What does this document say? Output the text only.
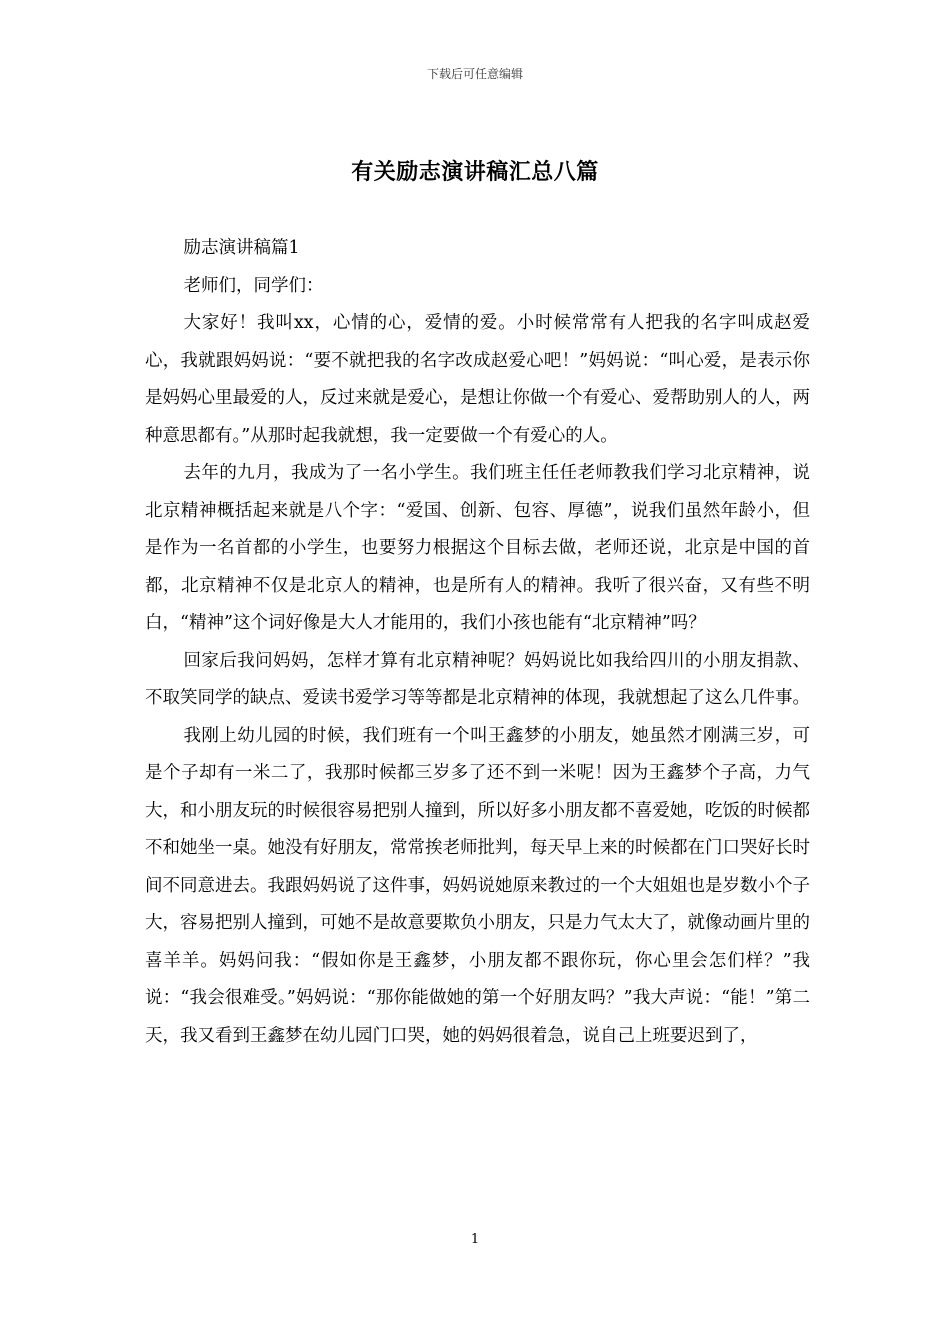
下载后可任意编辑
有关励志演讲稿汇总八篇

励志演讲稿篇1

老师们，同学们：

大家好！我叫xx，心情的心，爱情的爱。小时候常常有人把我的名字叫成赵爱心，我就跟妈妈说：“要不就把我的名字改成赵爱心吧！”妈妈说：“叫心爱，是表示你是妈妈心里最爱的人，反过来就是爱心，是想让你做一个有爱心、爱帮助别人的人，两种意思都有。”从那时起我就想，我一定要做一个有爱心的人。

去年的九月，我成为了一名小学生。我们班主任任老师教我们学习北京精神，说北京精神概括起来就是八个字：“爱国、创新、包容、厚德”，说我们虽然年龄小，但是作为一名首都的小学生，也要努力根据这个目标去做，老师还说，北京是中国的首都，北京精神不仅是北京人的精神，也是所有人的精神。我听了很兴奋，又有些不明白，“精神”这个词好像是大人才能用的，我们小孩也能有“北京精神”吗？

回家后我问妈妈，怎样才算有北京精神呢？妈妈说比如我给四川的小朋友捐款、不取笑同学的缺点、爱读书爱学习等等都是北京精神的体现，我就想起了这么几件事。

我刚上幼儿园的时候，我们班有一个叫王鑫梦的小朋友，她虽然才刚满三岁，可是个子却有一米二了，我那时候都三岁多了还不到一米呢！因为王鑫梦个子高，力气大，和小朋友玩的时候很容易把别人撞到，所以好多小朋友都不喜爱她，吃饭的时候都不和她坐一桌。她没有好朋友，常常挨老师批判，每天早上来的时候都在门口哭好长时间不同意进去。我跟妈妈说了这件事，妈妈说她原来教过的一个大姐姐也是岁数小个子大，容易把别人撞到，可她不是故意要欺负小朋友，只是力气太大了，就像动画片里的喜羊羊。妈妈问我：“假如你是王鑫梦，小朋友都不跟你玩，你心里会怎们样？”我说：“我会很难受。”妈妈说：“那你能做她的第一个好朋友吗？”我大声说：“能！”第二天，我又看到王鑫梦在幼儿园门口哭，她的妈妈很着急，说自己上班要迟到了，

1
